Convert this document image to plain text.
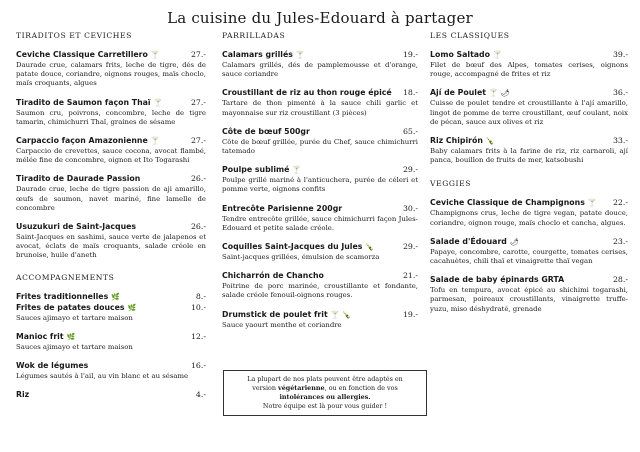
La cuisine du Jules-Edouard à partager
TIRADITOS ET CEVICHES
Ceviche Classique Carretillero 🍸	27.-
Daurade crue, calamars frits, leche de tigre, dés de patate douce, coriandre, oignons rouges, maïs choclo, maïs croquants, algues
Tiradito de Saumon façon Thaï 🍸	27.-
Saumon cru, poivrons, concombre, leche de tigre tamarin, chimichurri Thaï, graines de sésame
Carpaccio façon Amazonienne 🍸	27.-
Carpaccio de crevettes, sauce cocona, avocat flambé, mélée fine de concombre, oignon et Ito Togarashi
Tiradito de Daurade Passion	26.-
Daurade crue, leche de tigre passion de aji amarillo, œufs de saumon, navet mariné, fine lamelle de concombre
Usuzukuri de Saint-Jacques	26.-
Saint-Jacques en sashimi, sauce verte de jalapenos et avocat, éclats de maïs croquants, salade créole en brunoise, huile d'aneth
ACCOMPAGNEMENTS
Frites traditionnelles 🌿	8.-
Frites de patates douces 🌿	10.-
Sauces ajimayo et tartare maison
Manioc frit 🌿	12.-
Sauces ajimayo et tartare maison
Wok de légumes	16.-
Légumes sautés à l'ail, au vin blanc et au sésame
Riz	4.-
PARRILLADAS
Calamars grillés 🍸	19.-
Calamars grillés, dés de pamplemousse et d'orange, sauce coriandre
Croustillant de riz au thon rouge épicé 18.-
Tartare de thon pimenté à la sauce chili garlic et mayonnaise sur riz croustillant (3 pièces)
Côte de bœuf 500gr	65.-
Côte de bœuf grillée, purée du Chef, sauce chimichurri tatemado
Poulpe sublimé 🍸	29.-
Poulpe grillé mariné à l'anticuchera, purée de céleri et pomme verte, oignons confits
Entrecôte Parisienne 200gr	30.-
Tendre entrecôte grillée, sauce chimichurri façon Jules-Edouard et petite salade créole.
Coquilles Saint-Jacques du Jules 🍾	29.-
Saint-jacques grillées, émulsion de scamorza
Chicharrón de Chancho	21.-
Poitrine de porc marinée, croustillante et fondante, salade créole fenouil-oignons rouges.
Drumstick de poulet frit 🍸 🍾	19.-
Sauce yaourt menthe et coriandre
La plupart de nos plats peuvent être adaptés en
version végétarienne, ou en fonction de vos
intolérances ou allergies.
Notre équipe est là pour vous guider !
LES CLASSIQUES
Lomo Saltado 🍸	39.-
Filet de bœuf des Alpes, tomates cerises, oignons rouge, accompagné de frites et riz
Ají de Poulet 🍸 🌶	36.-
Cuisse de poulet tendre et croustillante à l'ají amarillo, lingot de pomme de terre croustillant, œuf coulant, noix de pécan, sauce aux olives et riz
Riz Chipirón 🍾	33.-
Baby calamars frits à la farine de riz, riz carnaroli, ají panca, bouillon de fruits de mer, katsobushi
VEGGIES
Ceviche Classique de Champignons 🍸 22.-
Champignons crus, leche de tigre vegan, patate douce, coriandre, oignon rouge, maïs choclo et cancha, algues.
Salade d'Édouard 🌶	23.-
Papaye, concombre, carotte, courgette, tomates cerises, cacahuètes, chili thaï et vinaigrette thaï vegan
Salade de baby épinards GRTA	28.-
Tofu en tempura, avocat épicé au shichimi togarashi, parmesan, poireaux croustillants, vinaigrette truffe-yuzu, miso déshydraté, grenade
